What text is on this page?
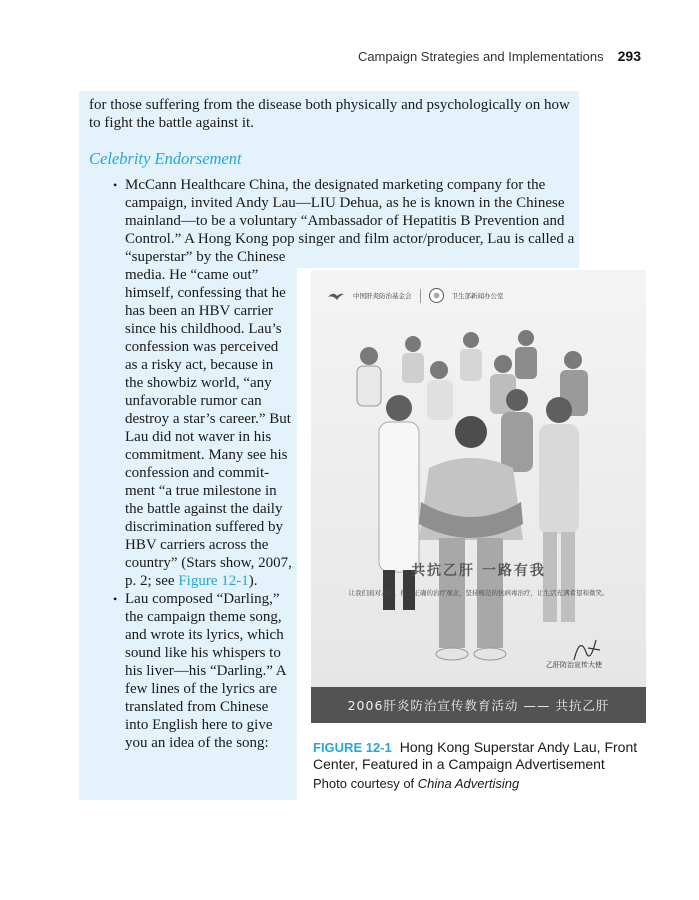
Campaign Strategies and Implementations 293

for those suffering from the disease both physically and psychologically on how to fight the battle against it.

Celebrity Endorsement

• McCann Healthcare China, the designated marketing company for the campaign, invited Andy Lau—LIU Dehua, as he is known in the Chinese mainland—to be a voluntary “Ambassador of Hepatitis B Prevention and Control.” A Hong Kong pop singer and film actor/producer, Lau is called a
“superstar” by the Chinese media. He “came out” himself, confessing that he has been an HBV carrier since his childhood. Lau’s confession was perceived as a risky act, because in the showbiz world, “any unfavorable rumor can destroy a star’s career.” But Lau did not waver in his commitment. Many see his confession and commit- ment “a true milestone in the battle against the daily discrimination suffered by HBV carriers across the country” (Stars show, 2007, p. 2; see Figure 12-1).
• Lau composed “Darling,” the campaign theme song, and wrote its lyrics, which sound like his whispers to his liver—his “Darling.” A few lines of the lyrics are translated from Chinese into English here to give you an idea of the song:
中国肝炎防治基金会	卫生部新闻办公室
共抗乙肝 一路有我
让我们面对乙肝，树立正确的治疗观念，坚持规范的抗病毒治疗，让生活充满希望和微笑。
乙肝防治宣传大使
2006肝炎防治宣传教育活动 —— 共抗乙肝
FIGURE 12-1 Hong Kong Superstar Andy Lau, Front Center, Featured in a Campaign Advertisement
Photo courtesy of China Advertising
